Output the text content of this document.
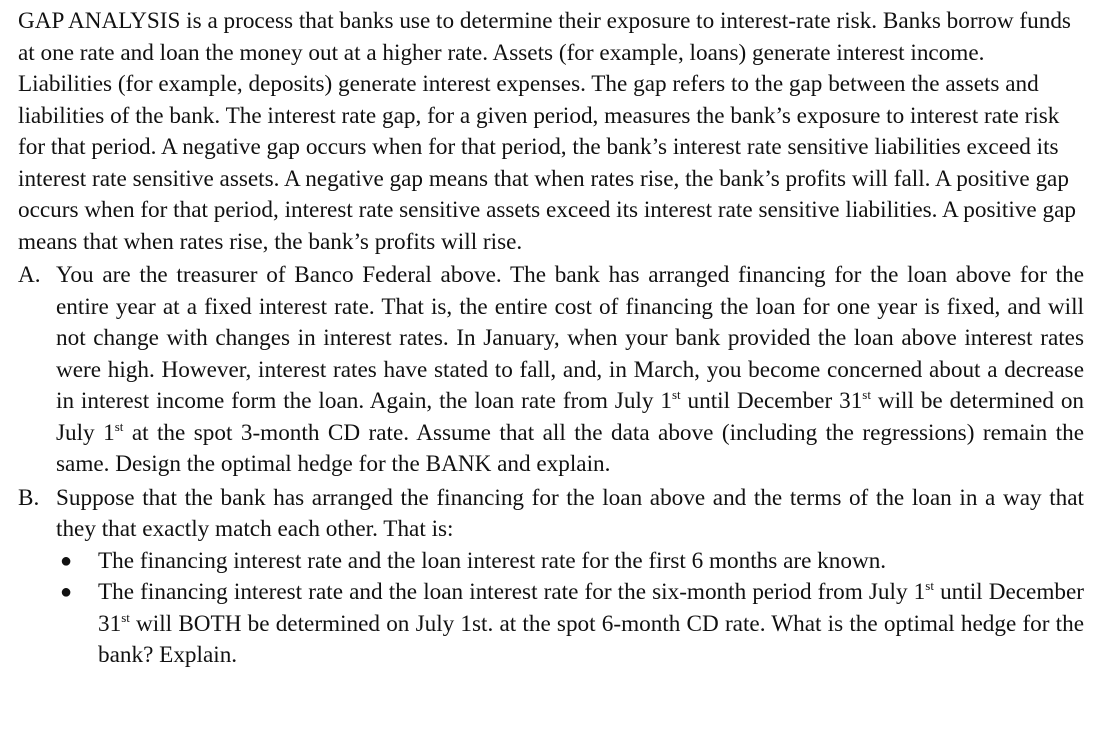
GAP ANALYSIS is a process that banks use to determine their exposure to interest-rate risk. Banks borrow funds at one rate and loan the money out at a higher rate. Assets (for example, loans) generate interest income. Liabilities (for example, deposits) generate interest expenses. The gap refers to the gap between the assets and liabilities of the bank. The interest rate gap, for a given period, measures the bank’s exposure to interest rate risk for that period. A negative gap occurs when for that period, the bank’s interest rate sensitive liabilities exceed its interest rate sensitive assets. A negative gap means that when rates rise, the bank’s profits will fall. A positive gap occurs when for that period, interest rate sensitive assets exceed its interest rate sensitive liabilities. A positive gap means that when rates rise, the bank’s profits will rise.

A. You are the treasurer of Banco Federal above. The bank has arranged financing for the loan above for the entire year at a fixed interest rate. That is, the entire cost of financing the loan for one year is fixed, and will not change with changes in interest rates. In January, when your bank provided the loan above interest rates were high. However, interest rates have stated to fall, and, in March, you become concerned about a decrease in interest income form the loan. Again, the loan rate from July 1st until December 31st will be determined on July 1st at the spot 3-month CD rate. Assume that all the data above (including the regressions) remain the same. Design the optimal hedge for the BANK and explain.
B. Suppose that the bank has arranged the financing for the loan above and the terms of the loan in a way that they that exactly match each other. That is:
● The financing interest rate and the loan interest rate for the first 6 months are known.
● The financing interest rate and the loan interest rate for the six-month period from July 1st until December 31st will BOTH be determined on July 1st. at the spot 6-month CD rate. What is the optimal hedge for the bank? Explain.
